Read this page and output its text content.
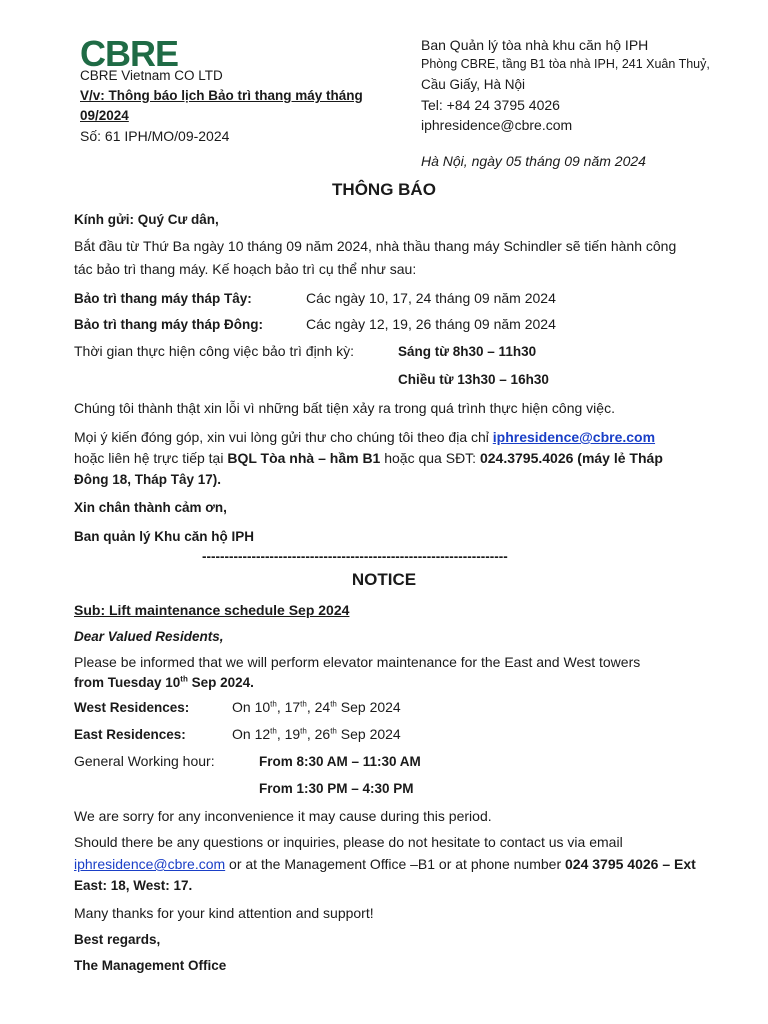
CBRE
CBRE Vietnam CO LTD
V/v: Thông báo lịch Bảo trì thang máy tháng
09/2024
Số: 61 IPH/MO/09-2024
Ban Quản lý tòa nhà khu căn hộ IPH
Phòng CBRE, tầng B1 tòa nhà IPH, 241 Xuân Thuỷ,
Cầu Giấy, Hà Nội
Tel: +84 24 3795 4026
iphresidence@cbre.com
Hà Nội, ngày 05 tháng 09 năm 2024
THÔNG BÁO
Kính gửi: Quý Cư dân,
Bắt đầu từ Thứ Ba ngày 10 tháng 09 năm 2024, nhà thầu thang máy Schindler sẽ tiến hành công
tác bảo trì thang máy. Kế hoạch bảo trì cụ thể như sau:
Bảo trì thang máy tháp Tây:	Các ngày 10, 17, 24 tháng 09 năm 2024
Bảo trì thang máy tháp Đông:	Các ngày 12, 19, 26 tháng 09 năm 2024
Thời gian thực hiện công việc bảo trì định kỳ:	Sáng từ 8h30 – 11h30
Chiều từ 13h30 – 16h30
Chúng tôi thành thật xin lỗi vì những bất tiện xảy ra trong quá trình thực hiện công việc.
Mọi ý kiến đóng góp, xin vui lòng gửi thư cho chúng tôi theo địa chỉ iphresidence@cbre.com
hoặc liên hệ trực tiếp tại BQL Tòa nhà – hầm B1 hoặc qua SĐT: 024.3795.4026 (máy lẻ Tháp
Đông 18, Tháp Tây 17).
Xin chân thành cảm ơn,
Ban quản lý Khu căn hộ IPH
--------------------------------------------------------------------
NOTICE
Sub: Lift maintenance schedule Sep 2024
Dear Valued Residents,
Please be informed that we will perform elevator maintenance for the East and West towers
from Tuesday 10th Sep 2024.
West Residences:	On 10th, 17th, 24th Sep 2024
East Residences:	On 12th, 19th, 26th Sep 2024
General Working hour:	From 8:30 AM – 11:30 AM
From 1:30 PM – 4:30 PM
We are sorry for any inconvenience it may cause during this period.
Should there be any questions or inquiries, please do not hesitate to contact us via email
iphresidence@cbre.com or at the Management Office –B1 or at phone number 024 3795 4026 – Ext
East: 18, West: 17.
Many thanks for your kind attention and support!
Best regards,
The Management Office
